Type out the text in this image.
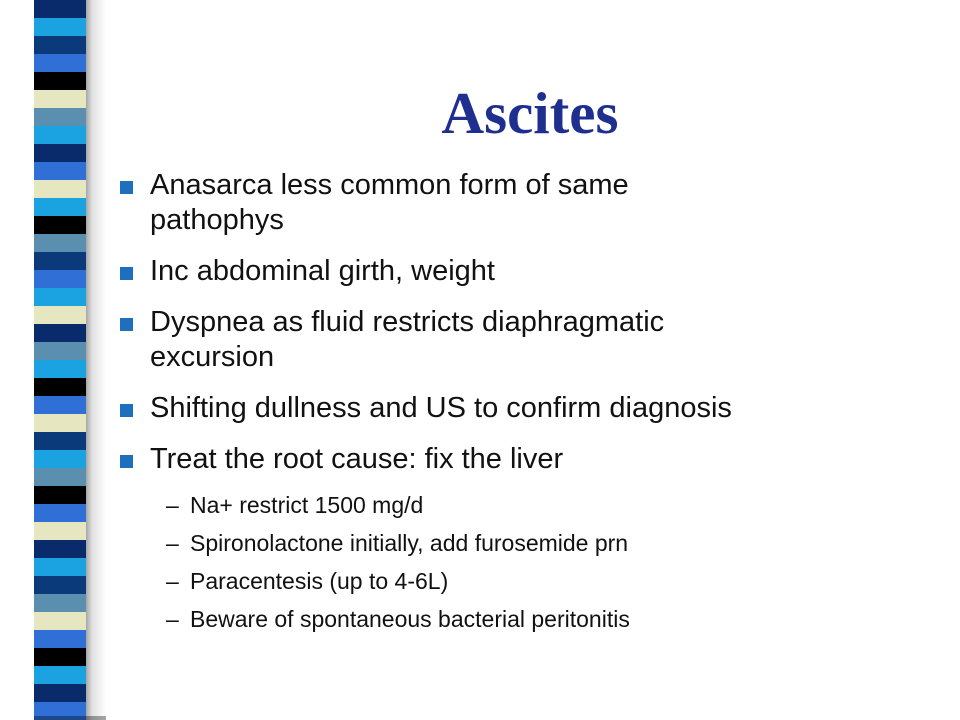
Ascites
Anasarca less common form of same
pathophys
Inc abdominal girth, weight
Dyspnea as fluid restricts diaphragmatic
excursion
Shifting dullness and US to confirm diagnosis
Treat the root cause: fix the liver
– Na+ restrict 1500 mg/d
– Spironolactone initially, add furosemide prn
– Paracentesis (up to 4-6L)
– Beware of spontaneous bacterial peritonitis
